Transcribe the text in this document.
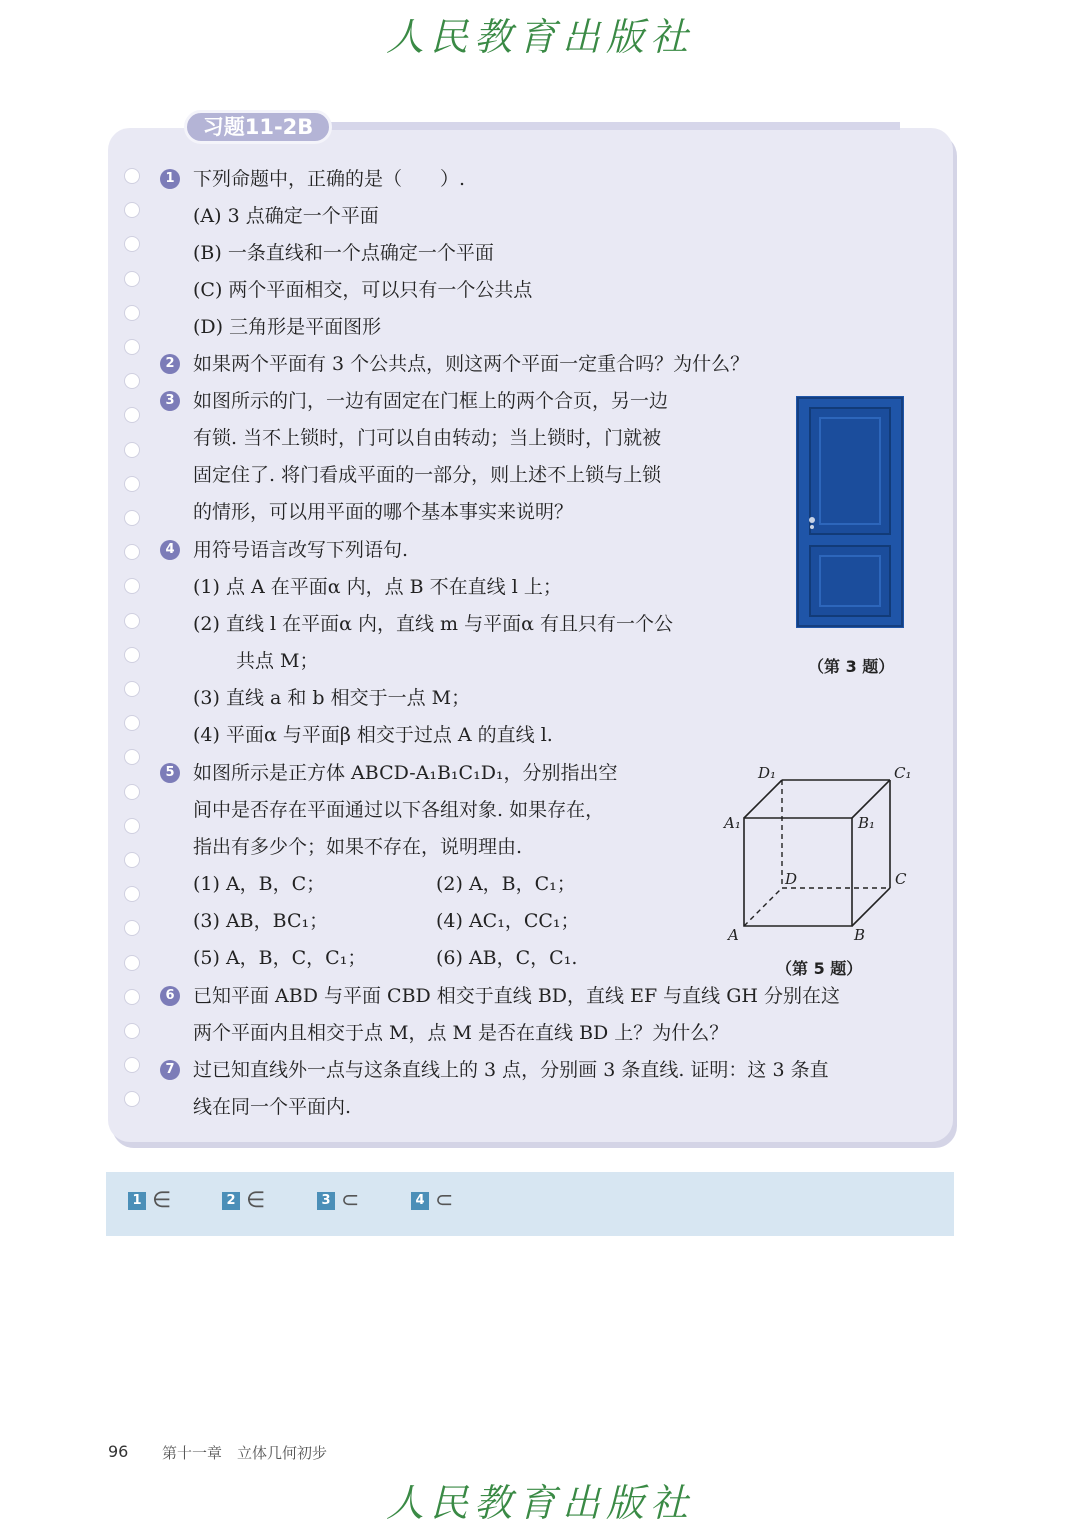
人民教育出版社
习题11-2B
1 下列命题中，正确的是（　　）.
(A) 3 点确定一个平面
(B) 一条直线和一个点确定一个平面
(C) 两个平面相交，可以只有一个公共点
(D) 三角形是平面图形
2 如果两个平面有 3 个公共点，则这两个平面一定重合吗？为什么？
3 如图所示的门，一边有固定在门框上的两个合页，另一边
有锁. 当不上锁时，门可以自由转动；当上锁时，门就被
固定住了. 将门看成平面的一部分，则上述不上锁与上锁
的情形，可以用平面的哪个基本事实来说明？
（第 3 题）
4 用符号语言改写下列语句.
(1) 点 A 在平面α 内，点 B 不在直线 l 上；
(2) 直线 l 在平面α 内，直线 m 与平面α 有且只有一个公
共点 M；
(3) 直线 a 和 b 相交于一点 M；
(4) 平面α 与平面β 相交于过点 A 的直线 l.
5 如图所示是正方体 ABCD-A₁B₁C₁D₁，分别指出空
间中是否存在平面通过以下各组对象. 如果存在，
指出有多少个；如果不存在，说明理由.
(1) A，B，C；	(2) A，B，C₁；
(3) AB，BC₁；	(4) AC₁，CC₁；
(5) A，B，C，C₁；	(6) AB，C，C₁.
A	B
C
D
A₁	B₁
C₁
D₁
（第 5 题）
6 已知平面 ABD 与平面 CBD 相交于直线 BD，直线 EF 与直线 GH 分别在这
两个平面内且相交于点 M，点 M 是否在直线 BD 上？为什么？
7 过已知直线外一点与这条直线上的 3 点，分别画 3 条直线. 证明：这 3 条直
线在同一个平面内.
1 ∈	2 ∈	3 ⊂	4 ⊂
96 第十一章　立体几何初步
人民教育出版社
